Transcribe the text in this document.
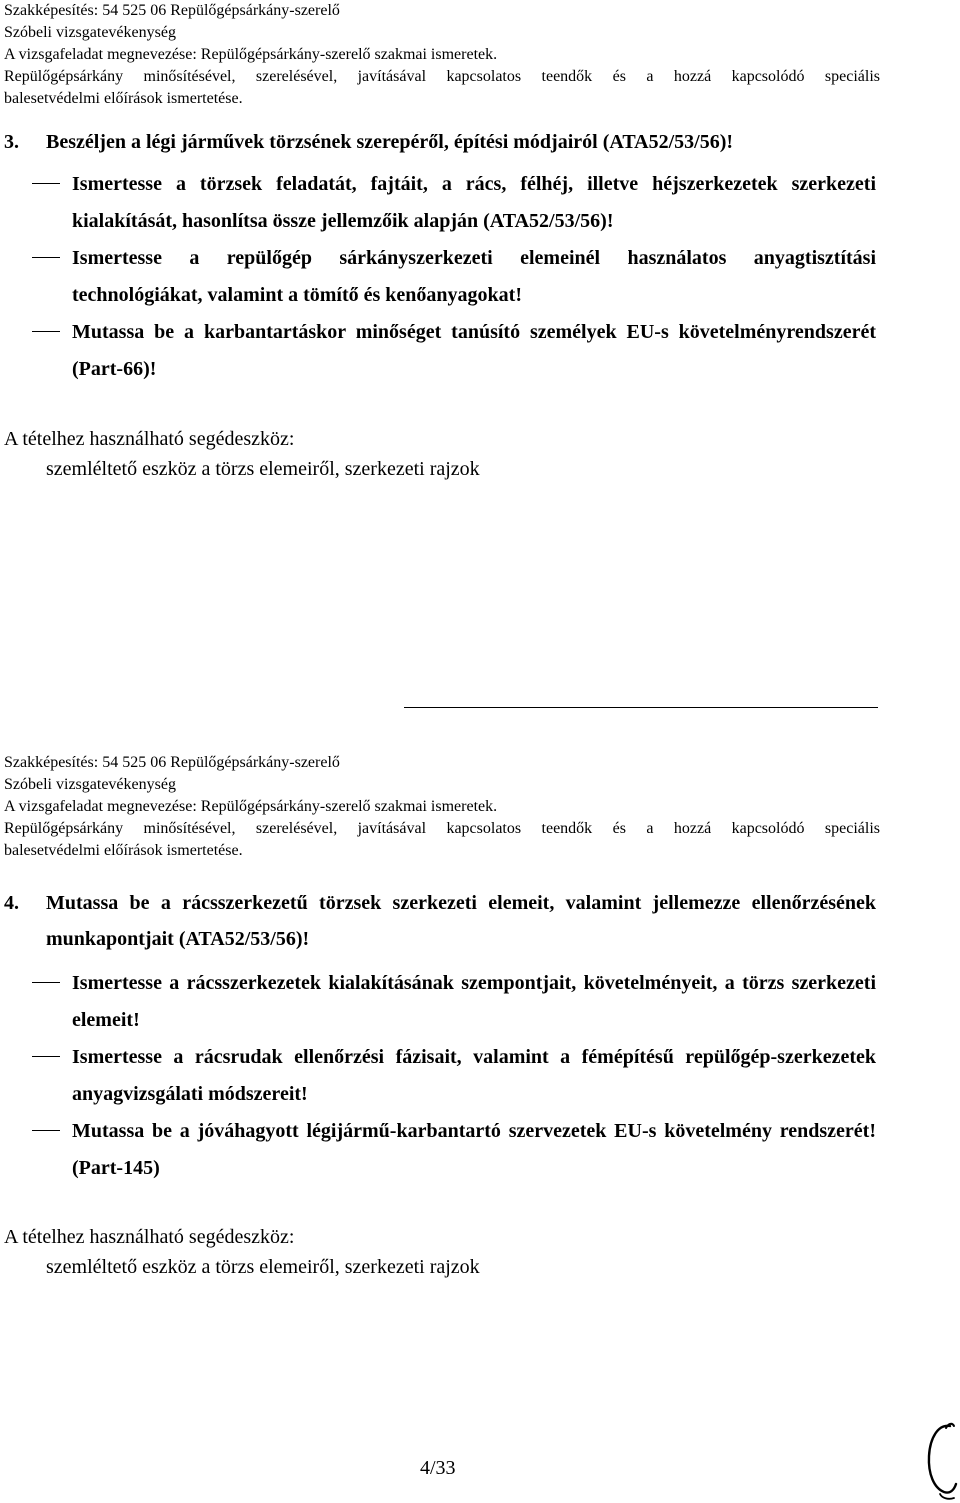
Szakképesítés: 54 525 06 Repülőgépsárkány-szerelő
Szóbeli vizsgatevékenység
A vizsgafeladat megnevezése: Repülőgépsárkány-szerelő szakmai ismeretek.
Repülőgépsárkány minősítésével, szerelésével, javításával kapcsolatos teendők és a hozzá kapcsolódó speciális
balesetvédelmi előírások ismertetése.
3. Beszéljen a légi járművek törzsének szerepéről, építési módjairól (ATA52/53/56)!
Ismertesse a törzsek feladatát, fajtáit, a rács, félhéj, illetve héjszerkezetek szerkezeti kialakítását, hasonlítsa össze jellemzőik alapján (ATA52/53/56)!
Ismertesse a repülőgép sárkányszerkezeti elemeinél használatos anyagtisztítási technológiákat, valamint a tömítő és kenőanyagokat!
Mutassa be a karbantartáskor minőséget tanúsító személyek EU-s követelményrendszerét (Part-66)!
A tételhez használható segédeszköz:
szemléltető eszköz a törzs elemeiről, szerkezeti rajzok
Szakképesítés: 54 525 06 Repülőgépsárkány-szerelő
Szóbeli vizsgatevékenység
A vizsgafeladat megnevezése: Repülőgépsárkány-szerelő szakmai ismeretek.
Repülőgépsárkány minősítésével, szerelésével, javításával kapcsolatos teendők és a hozzá kapcsolódó speciális
balesetvédelmi előírások ismertetése.
4. Mutassa be a rácsszerkezetű törzsek szerkezeti elemeit, valamint jellemezze ellenőrzésének munkapontjait (ATA52/53/56)!
Ismertesse a rácsszerkezetek kialakításának szempontjait, követelményeit, a törzs szerkezeti elemeit!
Ismertesse a rácsrudak ellenőrzési fázisait, valamint a fémépítésű repülőgép-szerkezetek anyagvizsgálati módszereit!
Mutassa be a jóváhagyott légijármű-karbantartó szervezetek EU-s követelmény rendszerét! (Part-145)
A tételhez használható segédeszköz:
szemléltető eszköz a törzs elemeiről, szerkezeti rajzok
4/33
